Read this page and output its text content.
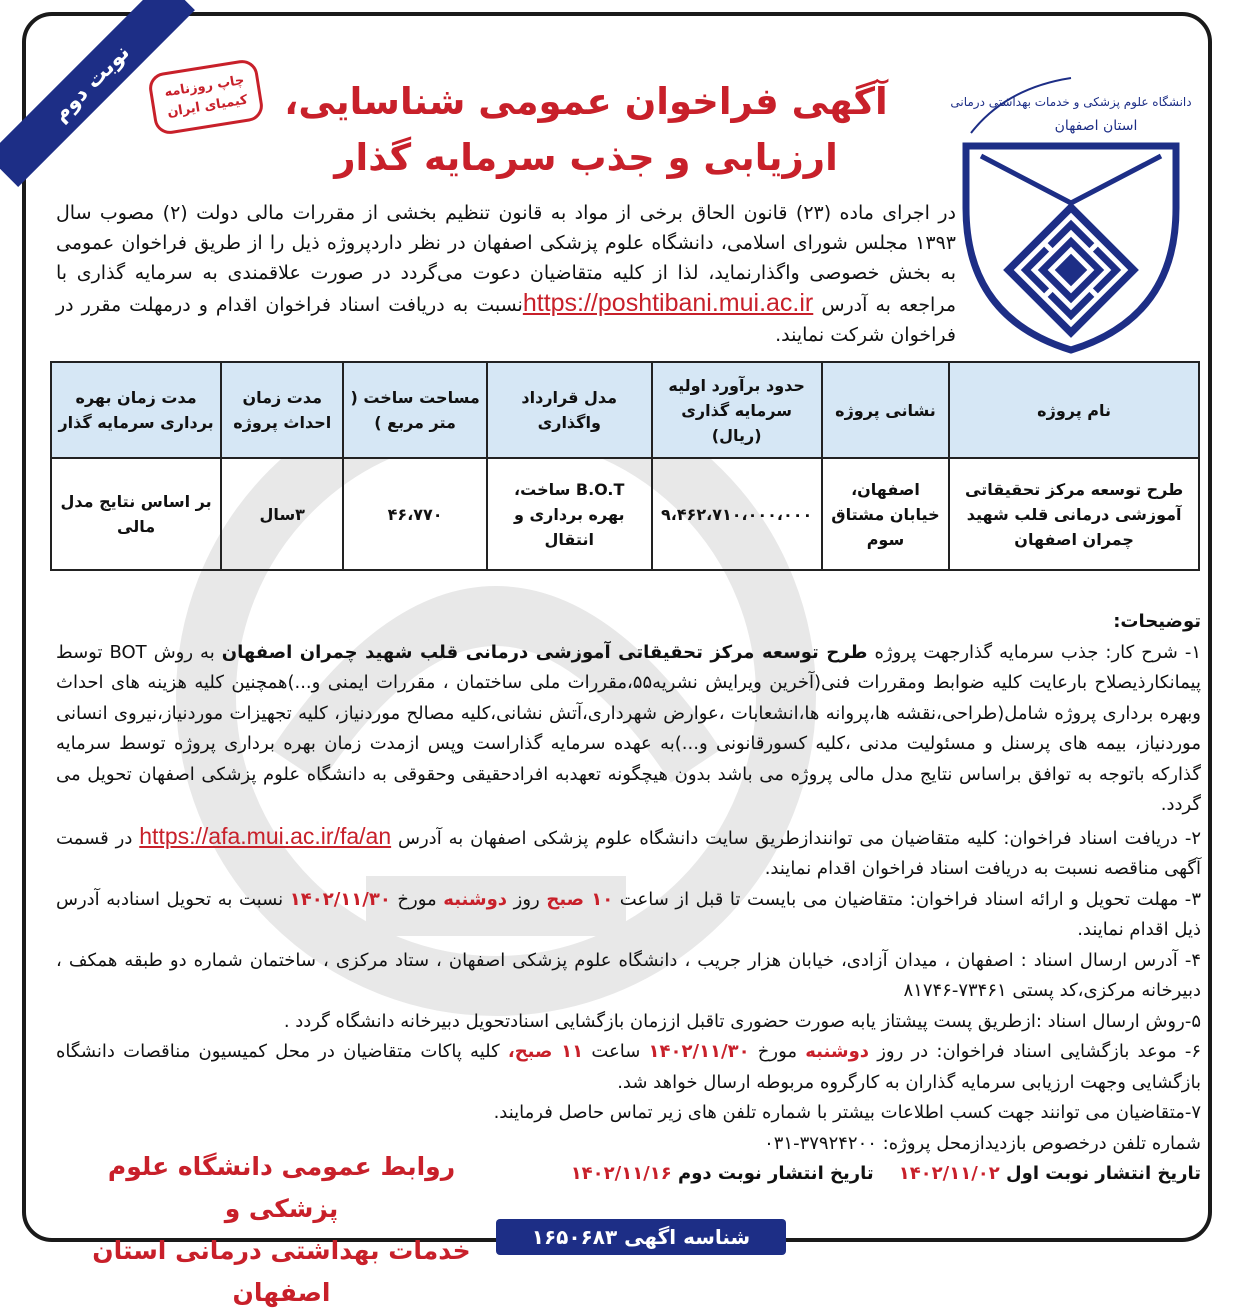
نوبت دوم	چاپ روزنامه
کیمیای ایران آگهی فراخوان عمومی شناسایی،
ارزیابی و جذب سرمایه گذار
دانشگاه علوم پزشکی و خدمات بهداشتی درمانی
استان اصفهان
در اجرای ماده (۲۳) قانون الحاق برخی از مواد به قانون تنظیم بخشی از مقررات مالی دولت (۲) مصوب سال ۱۳۹۳ مجلس شورای اسلامی، دانشگاه علوم پزشکی اصفهان در نظر داردپروژه ذیل را از طریق فراخوان عمومی به بخش خصوصی واگذارنماید، لذا از کلیه متقاضیان دعوت می‌گردد در صورت علاقمندی به سرمایه گذاری با مراجعه به آدرس https://poshtibani.mui.ac.irنسبت به دریافت اسناد فراخوان اقدام و درمهلت مقرر در فراخوان شرکت نمایند.
نام پروژه	نشانی پروژه	حدود برآورد اولیه سرمایه گذاری (ریال)	مدل قرارداد واگذاری	مساحت ساخت ( متر مربع )	مدت زمان احداث پروژه	مدت زمان بهره برداری سرمایه گذار
طرح توسعه مرکز تحقیقاتی آموزشی درمانی قلب شهید چمران اصفهان	اصفهان، خیابان مشتاق سوم	۹،۴۶۲،۷۱۰،۰۰۰،۰۰۰	B.O.T ساخت، بهره برداری و انتقال	۴۶،۷۷۰	۳سال	بر اساس نتایج مدل مالی
توضیحات:
۱- شرح کار: جذب سرمایه گذارجهت پروژه طرح توسعه مرکز تحقیقاتی آموزشی درمانی قلب شهید چمران اصفهان به روش BOT توسط پیمانکارذیصلاح بارعایت کلیه ضوابط ومقررات فنی(آخرین ویرایش نشریه۵۵،مقررات ملی ساختمان ، مقررات ایمنی و...)همچنین کلیه هزینه های احداث وبهره برداری پروژه شامل(طراحی،نقشه ها،پروانه ها،انشعابات ،عوارض شهرداری،آتش نشانی،کلیه مصالح موردنیاز، کلیه تجهیزات موردنیاز،نیروی انسانی موردنیاز، بیمه های پرسنل و مسئولیت مدنی ،کلیه کسورقانونی و...)به عهده سرمایه گذاراست وپس ازمدت زمان بهره برداری پروژه توسط سرمایه گذارکه باتوجه به توافق براساس نتایج مدل مالی پروژه می باشد بدون هیچگونه تعهدبه افرادحقیقی وحقوقی به دانشگاه علوم پزشکی اصفهان تحویل می گردد.
۲- دریافت اسناد فراخوان: کلیه متقاضیان می توانندازطریق سایت دانشگاه علوم پزشکی اصفهان به آدرس https://afa.mui.ac.ir/fa/an در قسمت آگهی مناقصه نسبت به دریافت اسناد فراخوان اقدام نمایند.
۳- مهلت تحویل و ارائه اسناد فراخوان: متقاضیان می بایست تا قبل از ساعت ۱۰ صبح روز دوشنبه مورخ ۱۴۰۲/۱۱/۳۰ نسبت به تحویل اسنادبه آدرس ذیل اقدام نمایند.
۴- آدرس ارسال اسناد : اصفهان ، میدان آزادی، خیابان هزار جریب ، دانشگاه علوم پزشکی اصفهان ، ستاد مرکزی ، ساختمان شماره دو طبقه همکف ، دبیرخانه مرکزی،کد پستی ۷۳۴۶۱-۸۱۷۴۶
۵-روش ارسال اسناد :ازطریق پست پیشتاز یابه صورت حضوری تاقبل اززمان بازگشایی اسنادتحویل دبیرخانه دانشگاه گردد .
۶- موعد بازگشایی اسناد فراخوان: در روز دوشنبه مورخ ۱۴۰۲/۱۱/۳۰ ساعت ۱۱ صبح، کلیه پاکات متقاضیان در محل کمیسیون مناقصات دانشگاه بازگشایی وجهت ارزیابی سرمایه گذاران به کارگروه مربوطه ارسال خواهد شد.
۷-متقاضیان می توانند جهت کسب اطلاعات بیشتر با شماره تلفن های زیر تماس حاصل فرمایند.
شماره تلفن درخصوص بازدیدازمحل پروژه: ۳۷۹۲۴۲۰۰-۰۳۱
تاریخ انتشار نوبت اول ۱۴۰۲/۱۱/۰۲    تاریخ انتشار نوبت دوم ۱۴۰۲/۱۱/۱۶
روابط عمومی دانشگاه علوم پزشکی و
خدمات بهداشتی درمانی استان اصفهان
شناسه اگهی ۱۶۵۰۶۸۳
